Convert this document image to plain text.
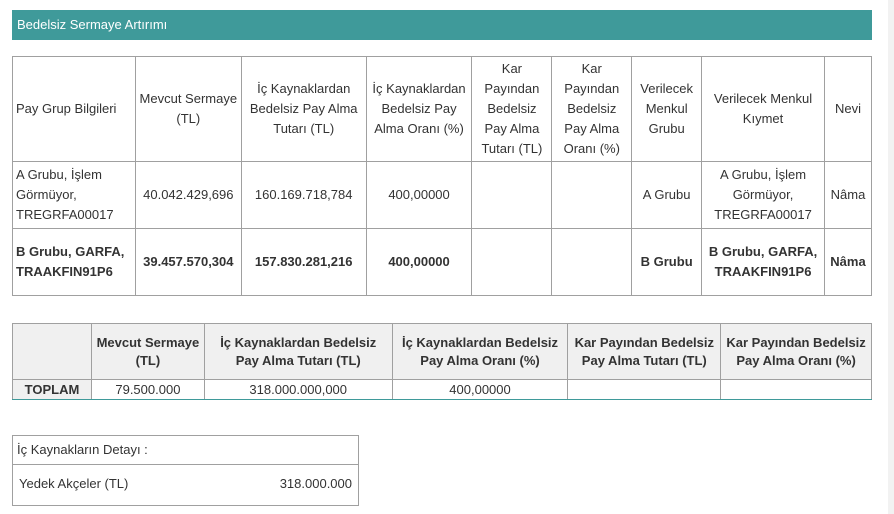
Bedelsiz Sermaye Artırımı
Pay Grup Bilgileri	Mevcut Sermaye (TL)	İç Kaynaklardan Bedelsiz Pay Alma Tutarı (TL)	İç Kaynaklardan Bedelsiz Pay Alma Oranı (%)	Kar Payından Bedelsiz Pay Alma Tutarı (TL)	Kar Payından Bedelsiz Pay Alma Oranı (%)	Verilecek Menkul Grubu	Verilecek Menkul Kıymet	Nevi
A Grubu, İşlem Görmüyor, TREGRFA00017	40.042.429,696	160.169.718,784	400,00000			A Grubu	A Grubu, İşlem Görmüyor, TREGRFA00017	Nâma
B Grubu, GARFA, TRAAKFIN91P6	39.457.570,304	157.830.281,216	400,00000			B Grubu	B Grubu, GARFA, TRAAKFIN91P6	Nâma
	Mevcut Sermaye (TL)	İç Kaynaklardan Bedelsiz Pay Alma Tutarı (TL)	İç Kaynaklardan Bedelsiz Pay Alma Oranı (%)	Kar Payından Bedelsiz Pay Alma Tutarı (TL)	Kar Payından Bedelsiz Pay Alma Oranı (%)
TOPLAM	79.500.000	318.000.000,000	400,00000		
İç Kaynakların Detayı :
Yedek Akçeler (TL)	318.000.000
